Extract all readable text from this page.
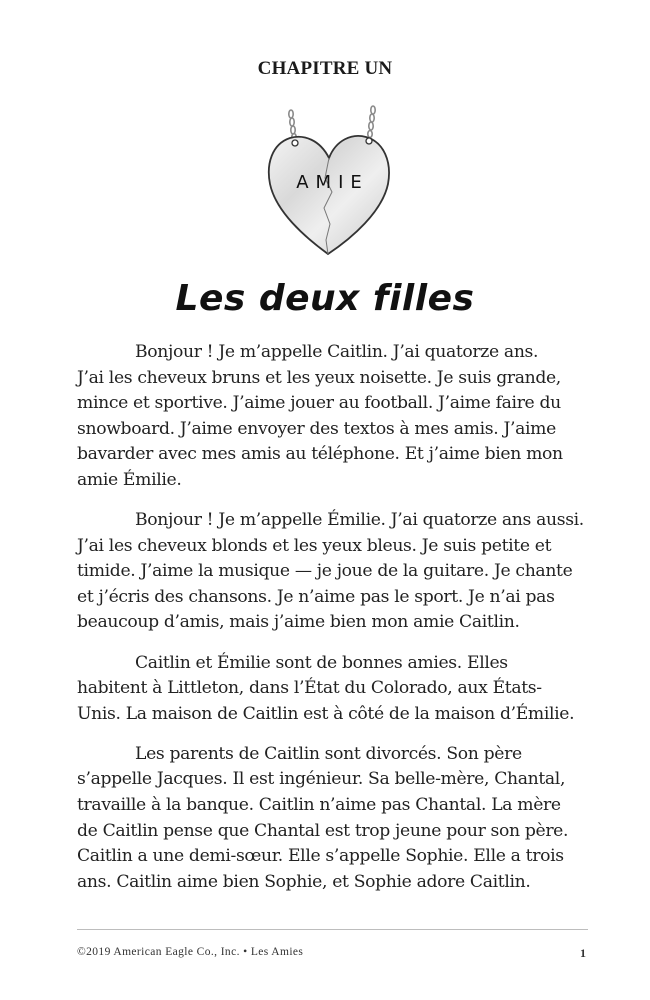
CHAPITRE UN
AMIE
Les deux filles

Bonjour ! Je m’appelle Caitlin. J’ai quatorze ans.
J’ai les cheveux bruns et les yeux noisette. Je suis grande,
mince et sportive. J’aime jouer au football. J’aime faire du
snowboard. J’aime envoyer des textos à mes amis. J’aime
bavarder avec mes amis au téléphone. Et j’aime bien mon
amie Émilie.

Bonjour ! Je m’appelle Émilie. J’ai quatorze ans aussi.
J’ai les cheveux blonds et les yeux bleus. Je suis petite et
timide. J’aime la musique — je joue de la guitare. Je chante
et j’écris des chansons. Je n’aime pas le sport. Je n’ai pas
beaucoup d’amis, mais j’aime bien mon amie Caitlin.

Caitlin et Émilie sont de bonnes amies. Elles
habitent à Littleton, dans l’État du Colorado, aux États-
Unis. La maison de Caitlin est à côté de la maison d’Émilie.

Les parents de Caitlin sont divorcés. Son père
s’appelle Jacques. Il est ingénieur. Sa belle-mère, Chantal,
travaille à la banque. Caitlin n’aime pas Chantal. La mère
de Caitlin pense que Chantal est trop jeune pour son père.
Caitlin a une demi-sœur. Elle s’appelle Sophie. Elle a trois
ans. Caitlin aime bien Sophie, et Sophie adore Caitlin.

©2019 American Eagle Co., Inc. • Les Amies	1
